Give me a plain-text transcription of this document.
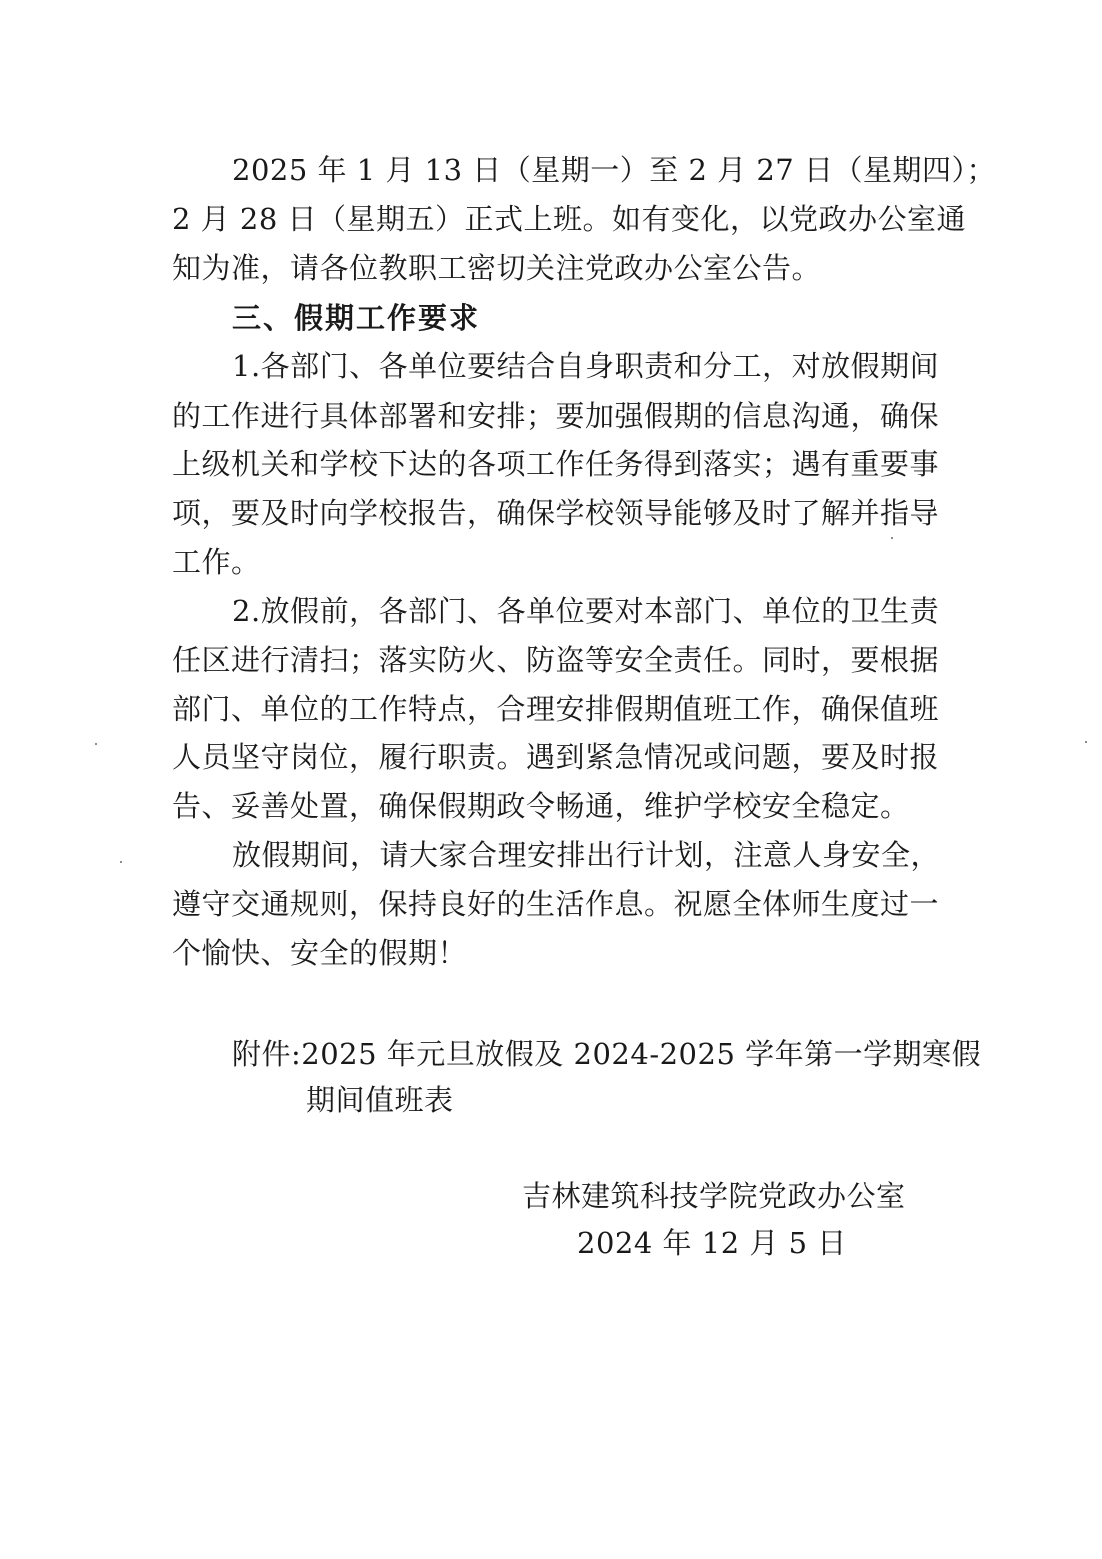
2025 年 1 月 13 日（星期一）至 2 月 27 日（星期四）；
2 月 28 日（星期五）正式上班。如有变化，以党政办公室通
知为准，请各位教职工密切关注党政办公室公告。
三、假期工作要求
1.各部门、各单位要结合自身职责和分工，对放假期间
的工作进行具体部署和安排；要加强假期的信息沟通，确保
上级机关和学校下达的各项工作任务得到落实；遇有重要事
项，要及时向学校报告，确保学校领导能够及时了解并指导
工作。
2.放假前，各部门、各单位要对本部门、单位的卫生责
任区进行清扫；落实防火、防盗等安全责任。同时，要根据
部门、单位的工作特点，合理安排假期值班工作，确保值班
人员坚守岗位，履行职责。遇到紧急情况或问题，要及时报
告、妥善处置，确保假期政令畅通，维护学校安全稳定。
放假期间，请大家合理安排出行计划，注意人身安全，
遵守交通规则，保持良好的生活作息。祝愿全体师生度过一
个愉快、安全的假期！
附件:2025 年元旦放假及 2024-2025 学年第一学期寒假
期间值班表
吉林建筑科技学院党政办公室
2024 年 12 月 5 日
